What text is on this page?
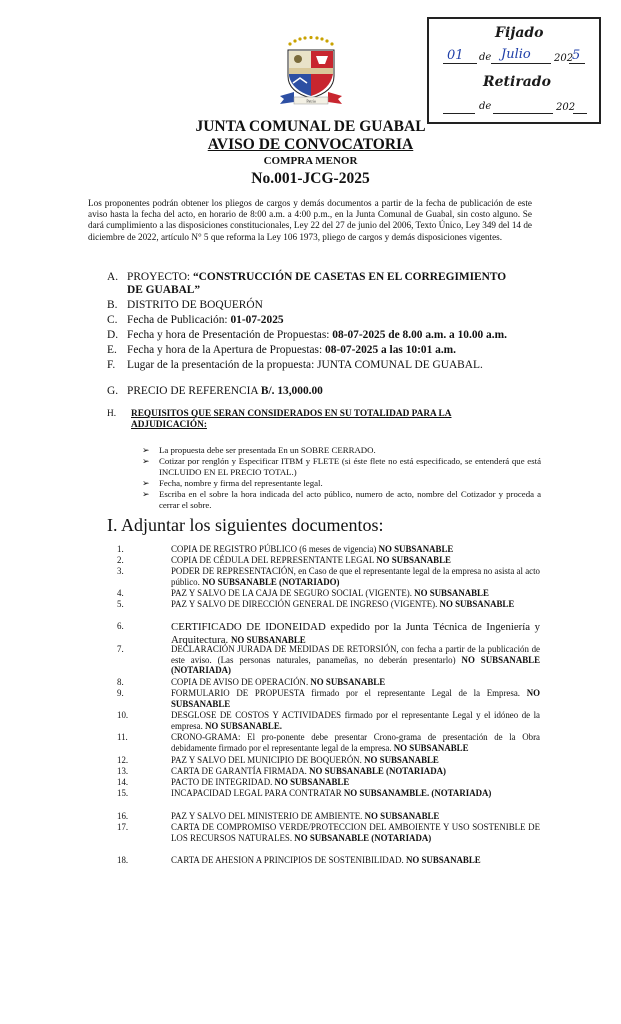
Patria
Fijado
01 de Julio 202
5
Retirado
de	202
JUNTA COMUNAL DE GUABAL
AVISO DE CONVOCATORIA
COMPRA MENOR
No.001-JCG-2025
Los proponentes podrán obtener los pliegos de cargos y demás documentos a partir de la fecha de publicación de este aviso hasta la fecha del acto, en horario de 8:00 a.m. a 4:00 p.m., en la Junta Comunal de Guabal, sin costo alguno. Se dará cumplimiento a las disposiciones constitucionales, Ley 22 del 27 de junio del 2006, Texto Único, Ley 349 del 14 de diciembre de 2022, artículo N° 5 que reforma la Ley 106 1973, pliego de cargos y demás disposiciones vigentes.
A. PROYECTO: “CONSTRUCCIÓN DE CASETAS EN EL CORREGIMIENTO
DE GUABAL”
B. DISTRITO DE BOQUERÓN
C. Fecha de Publicación: 01-07-2025
D. Fecha y hora de Presentación de Propuestas: 08-07-2025 de 8.00 a.m. a 10.00 a.m.
E. Fecha y hora de la Apertura de Propuestas: 08-07-2025 a las 10:01 a.m.
F. Lugar de la presentación de la propuesta: JUNTA COMUNAL DE GUABAL.
G. PRECIO DE REFERENCIA B/. 13,000.00
H. REQUISITOS QUE SERAN CONSIDERADOS EN SU TOTALIDAD PARA LA
ADJUDICACIÓN:
➢ La propuesta debe ser presentada En un SOBRE CERRADO.
➢ Cotizar por renglón y Especificar ITBM y FLETE (si éste flete no está especificado, se entenderá que está INCLUIDO EN EL PRECIO TOTAL.)
➢ Fecha, nombre y firma del representante legal.
➢ Escriba en el sobre la hora indicada del acto público, numero de acto, nombre del Cotizador y proceda a cerrar el sobre.
I. Adjuntar los siguientes documentos:
1.	COPIA DE REGISTRO PÚBLICO (6 meses de vigencia) NO SUBSANABLE
2.	COPIA DE CÉDULA DEL REPRESENTANTE LEGAL NO SUBSANABLE
3.	PODER DE REPRESENTACIÓN, en Caso de que el representante legal de la empresa no asista al acto público. NO SUBSANABLE (NOTARIADO)
4.	PAZ Y SALVO DE LA CAJA DE SEGURO SOCIAL (VIGENTE). NO SUBSANABLE
5.	PAZ Y SALVO DE DIRECCIÓN GENERAL DE INGRESO (VIGENTE). NO SUBSANABLE
6.	CERTIFICADO DE IDONEIDAD expedido por la Junta Técnica de Ingeniería y Arquitectura. NO SUBSANABLE
7.	DECLARACIÓN JURADA DE MEDIDAS DE RETORSIÓN, con fecha a partir de la publicación de este aviso. (Las personas naturales, panameñas, no deberán presentarlo) NO SUBSANABLE (NOTARIADA)
8.	COPIA DE AVISO DE OPERACIÓN. NO SUBSANABLE
9.	FORMULARIO DE PROPUESTA firmado por el representante Legal de la Empresa. NO SUBSANABLE
10.	DESGLOSE DE COSTOS Y ACTIVIDADES firmado por el representante Legal y el idóneo de la empresa. NO SUBSANABLE.
11.	CRONO-GRAMA: El pro-ponente debe presentar Crono-grama de presentación de la Obra debidamente firmado por el representante legal de la empresa. NO SUBSANABLE
12.	PAZ Y SALVO DEL MUNICIPIO DE BOQUERÓN. NO SUBSANABLE
13.	CARTA DE GARANTÍA FIRMADA. NO SUBSANABLE (NOTARIADA)
14.	PACTO DE INTEGRIDAD. NO SUBSANABLE
15.	INCAPACIDAD LEGAL PARA CONTRATAR NO SUBSANAMBLE. (NOTARIADA)
16.	PAZ Y SALVO DEL MINISTERIO DE AMBIENTE. NO SUBSANABLE
17.	CARTA DE COMPROMISO VERDE/PROTECCION DEL AMBOIENTE Y USO SOSTENIBLE DE LOS RECURSOS NATURALES. NO SUBSANABLE (NOTARIADA)
18.	CARTA DE AHESION A PRINCIPIOS DE SOSTENIBILIDAD. NO SUBSANABLE
